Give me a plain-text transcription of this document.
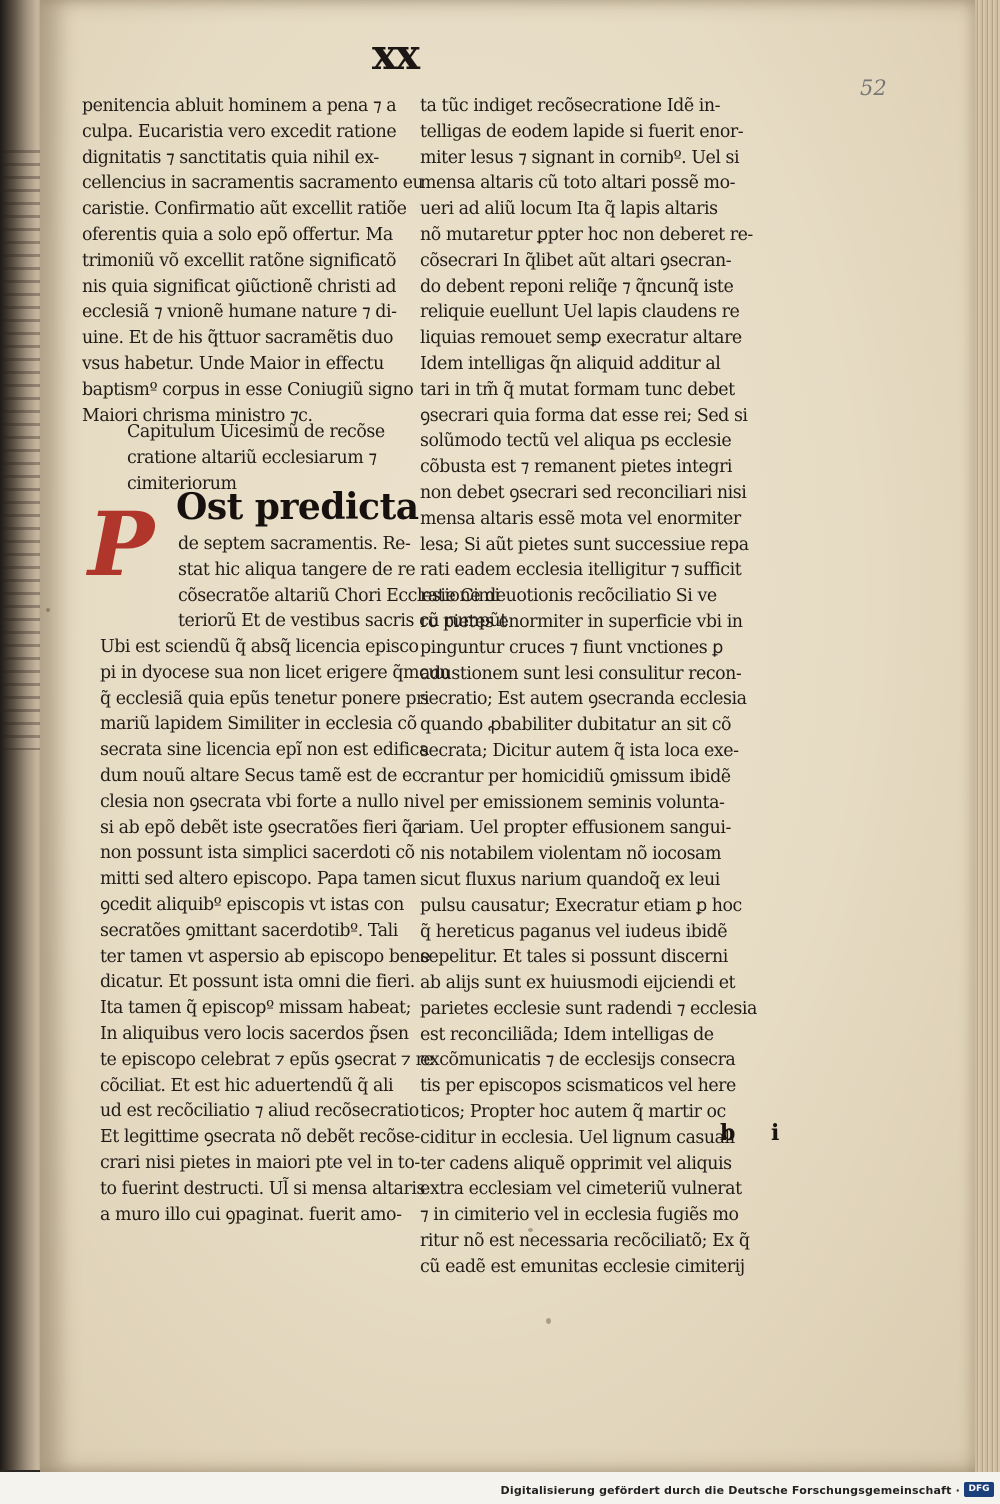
xx
52
penitencia abluit hominem a pena ⁊ a
culpa. Eucaristia vero excedit ratione
dignitatis ⁊ sanctitatis quia nihil ex-
cellencius in sacramentis sacramento eu
caristie. Confirmatio aũt excellit ratiõe
oferentis quia a solo epõ offertur. Ma
trimoniũ võ excellit ratõne significatõ
nis quia significat ꝯiũctionẽ christi ad
ecclesiã ⁊ vnionẽ humane nature ⁊ di-
uine. Et de his q̃ttuor sacramẽtis duo
vsus habetur. Unde Maior in effectu
baptismº corpus in esse Coniugiũ signo
Maiori chrisma ministro ⁊c.
Capitulum Uicesimũ de recõse
cratione altariũ ecclesiarum ⁊
cimiteriorum
P Ost predicta
de septem sacramentis. Re-
stat hic aliqua tangere de re
cõsecratõe altariũ Chori Ecclesie Cimi
teriorũ Et de vestibus sacris cũ rumpũt
Ubi est sciendũ q̃ absq̃ licencia episco
pi in dyocese sua non licet erigere q̃mcun
q̃ ecclesiã quia epũs tenetur ponere pri
mariũ lapidem Similiter in ecclesia cõ
secrata sine licencia epĩ non est edifica
dum nouũ altare Secus tamẽ est de ec
clesia non ꝯsecrata vbi forte a nullo ni
si ab epõ debẽt iste ꝯsecratões fieri q̃a
non possunt ista simplici sacerdoti cõ
mitti sed altero episcopo. Papa tamen
ꝯcedit aliquibº episcopis vt istas con
secratões ꝯmittant sacerdotibº. Tali
ter tamen vt aspersio ab episcopo bene
dicatur. Et possunt ista omni die fieri.
Ita tamen q̃ episcopº missam habeat;
In aliquibus vero locis sacerdos p̃sen
te episcopo celebrat ⁊ epũs ꝯsecrat ⁊ re
cõciliat. Et est hic aduertendũ q̃ ali
ud est recõciliatio ⁊ aliud recõsecratio
Et legittime ꝯsecrata nõ debẽt recõse-
crari nisi pietes in maiori pte vel in to-
to fuerint destructi. Ul̃ si mensa altaris
a muro illo cui ꝯpaginat. fuerit amo-
ta tũc indiget recõsecratione Idẽ in-
telligas de eodem lapide si fuerit enor-
miter lesus ⁊ signant in cornibº. Uel si
mensa altaris cũ toto altari possẽ mo-
ueri ad aliũ locum Ita q̃ lapis altaris
nõ mutaretur ꝑpter hoc non deberet re-
cõsecrari In q̃libet aũt altari ꝯsecran-
do debent reponi reliq̃e ⁊ q̃ncunq̃ iste
reliquie euellunt Uel lapis claudens re
liquias remouet semꝑ execratur altare
Idem intelligas q̃n aliquid additur al
tari in tm̃ q̃ mutat formam tunc debet
ꝯsecrari quia forma dat esse rei; Sed si
solũmodo tectũ vel aliqua ps ecclesie
cõbusta est ⁊ remanent pietes integri
non debet ꝯsecrari sed reconciliari nisi
mensa altaris essẽ mota vel enormiter
lesa; Si aũt pietes sunt successiue repa
rati eadem ecclesia itelligitur ⁊ sufficit
ratione deuotionis recõciliatio Si ve
ro pietes enormiter in superficie vbi in
pinguntur cruces ⁊ fiunt vnctiones ꝑ
adustionem sunt lesi consulitur recon-
secratio; Est autem ꝯsecranda ecclesia
quando ꝓbabiliter dubitatur an sit cõ
secrata; Dicitur autem q̃ ista loca exe-
crantur per homicidiũ ꝯmissum ibidẽ
vel per emissionem seminis volunta-
riam. Uel propter effusionem sangui-
nis notabilem violentam nõ iocosam
sicut fluxus narium quandoq̃ ex leui
pulsu causatur; Execratur etiam ꝑ hoc
q̃ hereticus paganus vel iudeus ibidẽ
sepelitur. Et tales si possunt discerni
ab alijs sunt ex huiusmodi eijciendi et
parietes ecclesie sunt radendi ⁊ ecclesia
est reconciliãda; Idem intelligas de
excõmunicatis ⁊ de ecclesijs consecra
tis per episcopos scismaticos vel here
ticos; Propter hoc autem q̃ martir oc
ciditur in ecclesia. Uel lignum casuali
ter cadens aliquẽ opprimit vel aliquis
extra ecclesiam vel cimeteriũ vulnerat
⁊ in cimiterio vel in ecclesia fugiẽs mo
ritur nõ est necessaria recõciliatõ; Ex q̃
cũ eadẽ est emunitas ecclesie cimiterij
b i
Digitalisierung gefördert durch die Deutsche Forschungsgemeinschaft · DFG
